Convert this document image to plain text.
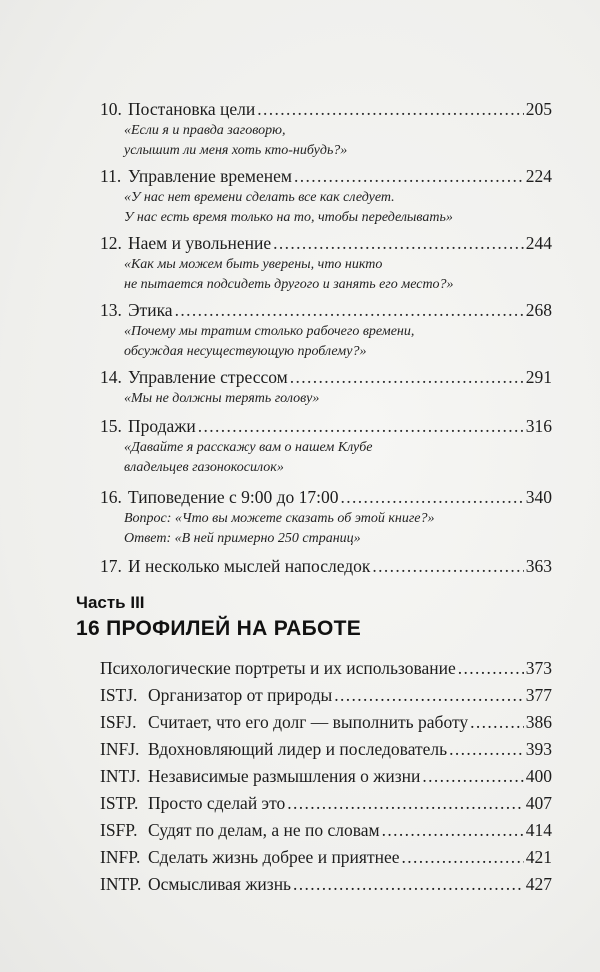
10. Постановка цели . . .	205
«Если я и правда заговорю,
услышит ли меня хоть кто-нибудь?»
11. Управление временем . . .	224
«У нас нет времени сделать все как следует.
У нас есть время только на то, чтобы переделывать»
12. Наем и увольнение . . .	244
«Как мы можем быть уверены, что никто
не пытается подсидеть другого и занять его место?»
13. Этика . . .	268
«Почему мы тратим столько рабочего времени,
обсуждая несуществующую проблему?»
14. Управление стрессом . . .	291
«Мы не должны терять голову»
15. Продажи . . .	316
«Давайте я расскажу вам о нашем Клубе
владельцев газонокосилок»
16. Типоведение с 9:00 до 17:00 . . .	340
Вопрос: «Что вы можете сказать об этой книге?»
Ответ: «В ней примерно 250 страниц»
17. И несколько мыслей напоследок . . .	363
Часть III
16 ПРОФИЛЕЙ НА РАБОТЕ
Психологические портреты и их использование . . .	373
ISTJ. Организатор от природы . . .	377
ISFJ. Считает, что его долг — выполнить работу . . .	386
INFJ. Вдохновляющий лидер и последователь . . .	393
INTJ. Независимые размышления о жизни . . .	400
ISTP. Просто сделай это . . .	407
ISFP. Судят по делам, а не по словам . . .	414
INFP. Сделать жизнь добрее и приятнее . . .	421
INTP. Осмысливая жизнь . . .	427
